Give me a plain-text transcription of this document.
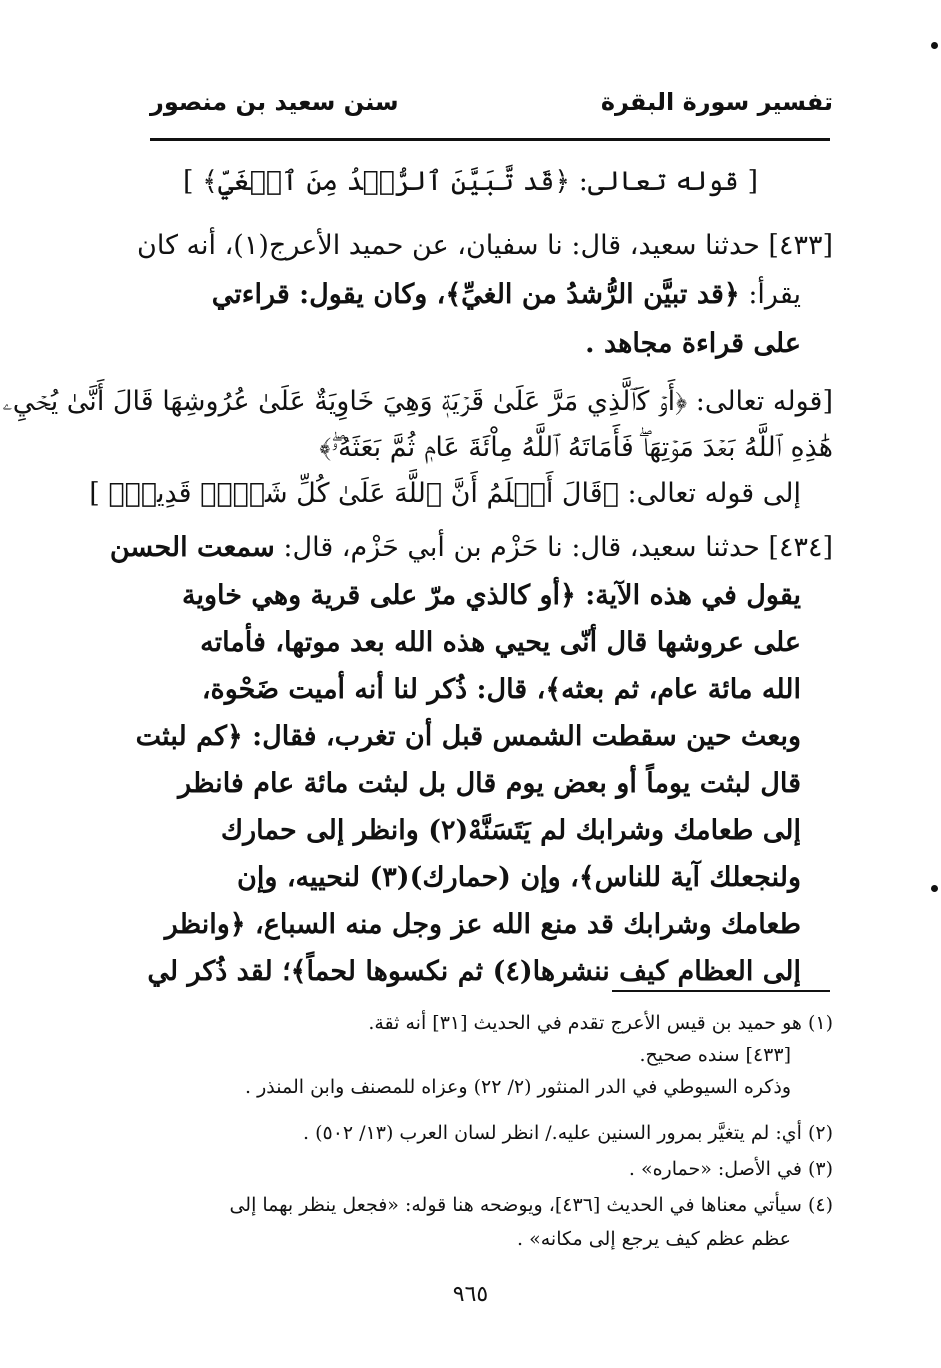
تفسير سورة البقرة
سنن سعيد بن منصور
[ قوله تعالى: ﴿قَد تَّبَيَّنَ ٱلرُّشۡدُ مِنَ ٱلۡغَيِّ﴾ ]
[٤٣٣] حدثنا سعيد، قال: نا سفيان، عن حميد الأعرج(١)، أنه كان
يقرأ: ﴿قد تبيَّن الرُّشدُ من الغيِّ﴾، وكان يقول: قراءتي
على قراءة مجاهد .
[قوله تعالى: ﴿أَوۡ كَٱلَّذِي مَرَّ عَلَىٰ قَرۡيَةٖ وَهِيَ خَاوِيَةٌ عَلَىٰ عُرُوشِهَا قَالَ أَنَّىٰ يُحۡيِۦ
هَٰذِهِ ٱللَّهُ بَعۡدَ مَوۡتِهَاۖ فَأَمَاتَهُ ٱللَّهُ مِاْئَةَ عَامٖ ثُمَّ بَعَثَهُۥۖ﴾
إلى قوله تعالى: ﴿قَالَ أَعۡلَمُ أَنَّ ٱللَّهَ عَلَىٰ كُلِّ شَيۡءٖ قَدِيرٞ﴾ ]
[٤٣٤] حدثنا سعيد، قال: نا حَزْم بن أبي حَزْم، قال: سمعت الحسن
يقول في هذه الآية: ﴿أو كالذي مرّ على قرية وهي خاوية
على عروشها قال أنّى يحيي هذه الله بعد موتها، فأماته
الله مائة عام، ثم بعثه﴾، قال: ذُكر لنا أنه أميت ضَحْوة،
وبعث حين سقطت الشمس قبل أن تغرب، فقال: ﴿كم لبثت
قال لبثت يوماً أو بعض يوم قال بل لبثت مائة عام فانظر
إلى طعامك وشرابك لم يَتَسَنَّهْ(٢) وانظر إلى حمارك
ولنجعلك آية للناس﴾، وإن (حمارك)(٣) لنحييه، وإن
طعامك وشرابك قد منع الله عز وجل منه السباع، ﴿وانظر
إلى العظام كيف ننشرها(٤) ثم نكسوها لحماً﴾؛ لقد ذُكر لي
(١) هو حميد بن قيس الأعرج تقدم في الحديث [٣١] أنه ثقة.
[٤٣٣] سنده صحيح.
وذكره السيوطي في الدر المنثور (٢/ ٢٢) وعزاه للمصنف وابن المنذر .
(٢) أي: لم يتغيَّر بمرور السنين عليه./ انظر لسان العرب (١٣/ ٥٠٢) .
(٣) في الأصل: «حماره» .
(٤) سيأتي معناها في الحديث [٤٣٦]، ويوضحه هنا قوله: «فجعل ينظر بهما إلى
عظم عظم كيف يرجع إلى مكانه» .
٩٦٥
